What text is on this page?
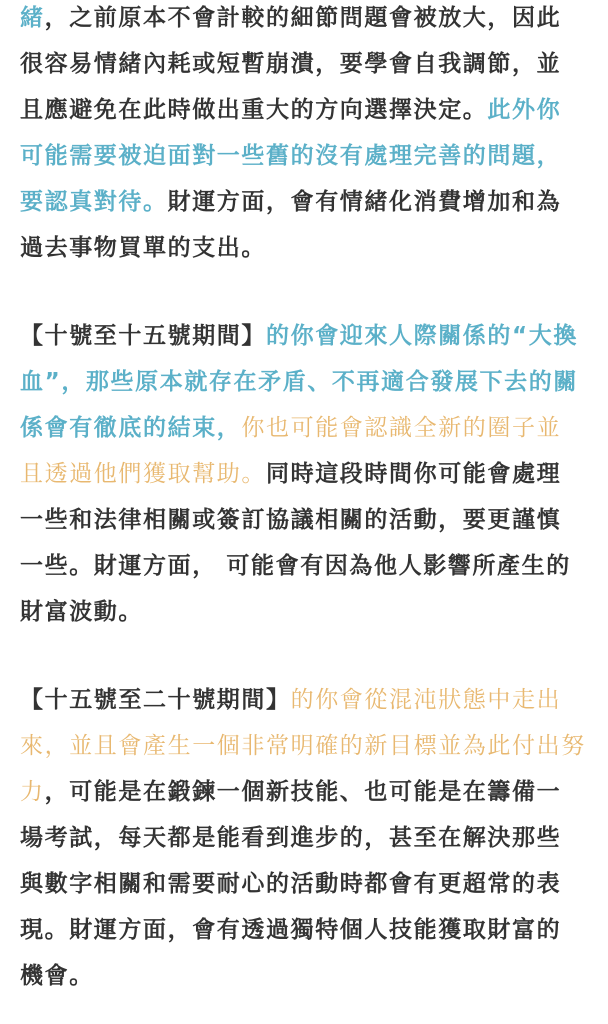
緒，之前原本不會計較的細節問題會被放大，因此
很容易情緒內耗或短暫崩潰，要學會自我調節，並
且應避免在此時做出重大的方向選擇決定。此外你
可能需要被迫面對一些舊的沒有處理完善的問題，
要認真對待。財運方面，會有情緒化消費增加和為
過去事物買單的支出。
【十號至十五號期間】的你會迎來人際關係的“大換
血”，那些原本就存在矛盾、不再適合發展下去的關
係會有徹底的結束，你也可能會認識全新的圈子並
且透過他們獲取幫助。同時這段時間你可能會處理
一些和法律相關或簽訂協議相關的活動，要更謹慎
一些。財運方面， 可能會有因為他人影響所產生的
財富波動。
【十五號至二十號期間】的你會從混沌狀態中走出
來，並且會產生一個非常明確的新目標並為此付出努
力，可能是在鍛鍊一個新技能、也可能是在籌備一
場考試，每天都是能看到進步的，甚至在解決那些
與數字相關和需要耐心的活動時都會有更超常的表
現。財運方面，會有透過獨特個人技能獲取財富的
機會。
